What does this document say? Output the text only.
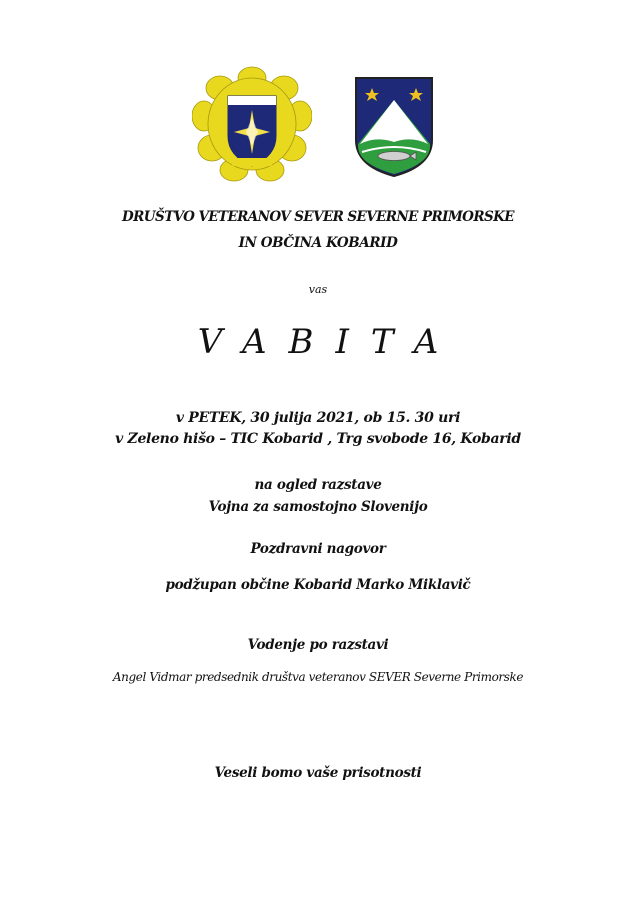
DRUŠTVO VETERANOV SEVER SEVERNE PRIMORSKE
IN OBČINA KOBARID
vas
VABITA
v PETEK, 30 julija 2021, ob 15. 30 uri
v Zeleno hišo – TIC Kobarid , Trg svobode 16, Kobarid
na ogled razstave
Vojna za samostojno Slovenijo
Pozdravni nagovor
podžupan občine Kobarid Marko Miklavič
Vodenje po razstavi
Angel Vidmar predsednik društva veteranov SEVER Severne Primorske
Veseli bomo vaše prisotnosti
